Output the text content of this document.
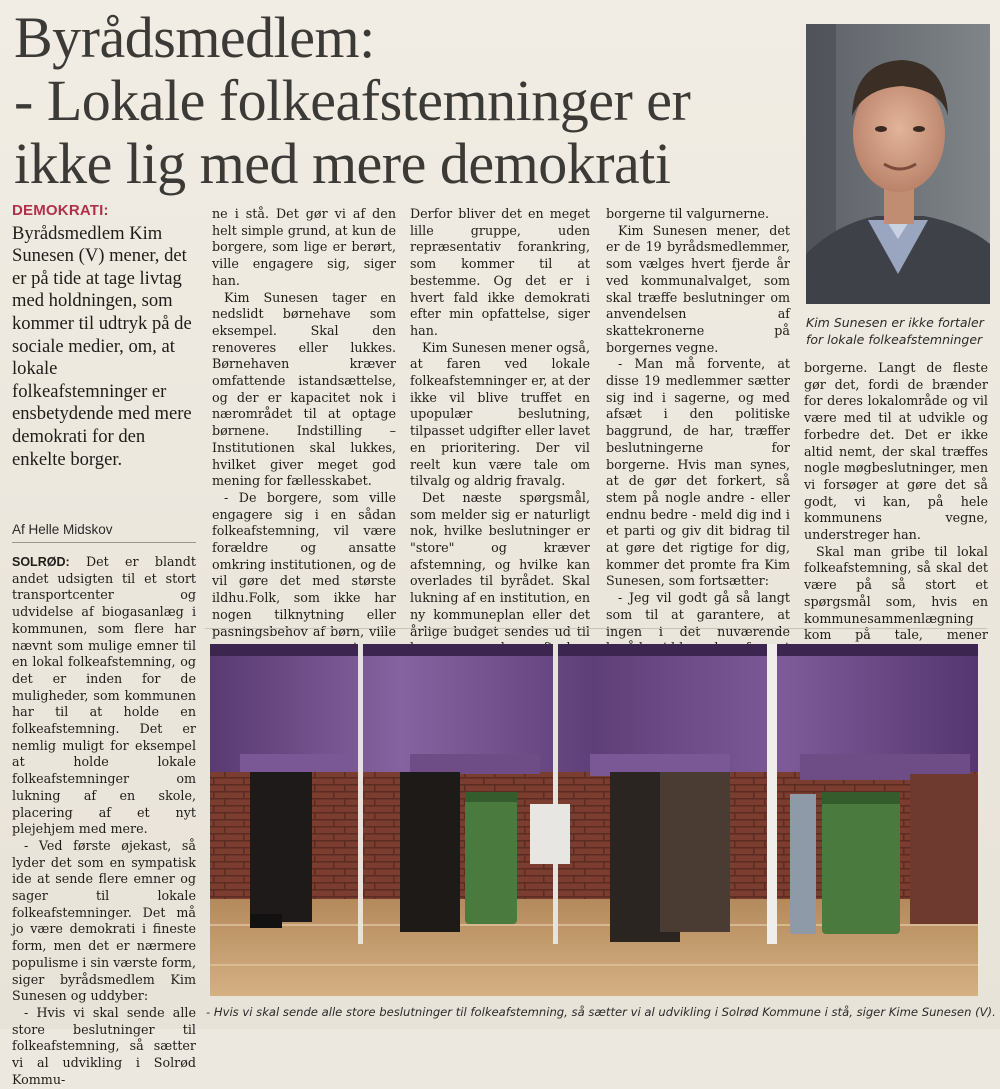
Byrådsmedlem:
- Lokale folkeafstemninger er
ikke lig med mere demokrati
Kim Sunesen er ikke fortaler for lokale folkeafstemninger
DEMOKRATI:
Byrådsmedlem Kim Sunesen (V) mener, det er på tide at tage livtag med holdningen, som kommer til udtryk på de sociale medier, om, at lokale folkeafstemninger er ensbetydende med mere demokrati for den enkelte borger.
Af Helle Midskov

SOLRØD: Det er blandt andet udsigten til et stort transportcenter og udvidelse af biogasanlæg i kommunen, som flere har nævnt som mulige emner til en lokal folkeafstemning, og det er inden for de muligheder, som kommunen har til at holde en folkeafstemning. Det er nemlig muligt for eksempel at holde lokale folkeafstemninger om lukning af en skole, placering af et nyt plejehjem med mere.

- Ved første øjekast, så lyder det som en sympatisk ide at sende flere emner og sager til lokale folkeafstemninger. Det må jo være demokrati i fineste form, men det er nærmere populisme i sin værste form, siger byrådsmedlem Kim Sunesen og uddyber:

- Hvis vi skal sende alle store beslutninger til folkeafstemning, så sætter vi al udvikling i Solrød Kommu-

ne i stå. Det gør vi af den helt simple grund, at kun de borgere, som lige er berørt, ville engagere sig, siger han.

Kim Sunesen tager en nedslidt børnehave som eksempel. Skal den renoveres eller lukkes. Børnehaven kræver omfattende istandsættelse, og der er kapacitet nok i nærområdet til at optage børnene. Indstilling – Institutionen skal lukkes, hvilket giver meget god mening for fællesskabet.

- De borgere, som ville engagere sig i en sådan folkeafstemning, vil være forældre og ansatte omkring institutionen, og de vil gøre det med største ildhu.Folk, som ikke har nogen tilknytning eller pasningsbehov af børn, ville

Derfor bliver det en meget lille gruppe, uden repræsentativ forankring, som kommer til at bestemme. Og det er i hvert fald ikke demokrati efter min opfattelse, siger han.

Kim Sunesen mener også, at faren ved lokale folkeafstemninger er, at der ikke vil blive truffet en upopulær beslutning, tilpasset udgifter eller lavet en prioritering. Der vil reelt kun være tale om tilvalg og aldrig fravalg.

Det næste spørgsmål, som melder sig er naturligt nok, hvilke beslutninger er "store" og kræver afstemning, og hvilke kan overlades til byrådet. Skal lukning af en institution, en ny kommuneplan eller det årlige budget sendes ud til

borgerne til valgurnerne.

Kim Sunesen mener, det er de 19 byrådsmedlemmer, som vælges hvert fjerde år ved kommunalvalget, som skal træffe beslutninger om anvendelsen af skattekronerne på borgernes vegne.

- Man må forvente, at disse 19 medlemmer sætter sig ind i sagerne, og med afsæt i den politiske baggrund, de har, træffer beslutningerne for borgerne. Hvis man synes, at de gør det forkert, så stem på nogle andre - eller endnu bedre - meld dig ind i et parti og giv dit bidrag til at gøre det rigtige for dig, kommer det promte fra Kim Sunesen, som fortsætter:

- Jeg vil godt gå så langt som til at garantere, at ingen i det nuværende

borgerne. Langt de fleste gør det, fordi de brænder for deres lokalområde og vil være med til at udvikle og forbedre det. Det er ikke altid nemt, der skal træffes nogle møgbeslutninger, men vi forsøger at gøre det så godt, vi kan, på hele kommunens vegne, understreger han.

Skal man gribe til lokal folkeafstemning, så skal det være på så stort et spørgsmål som, hvis en kommunesammenlægning kom på tale, mener

- Hvis vi skal sende alle store beslutninger til folkeafstemning, så sætter vi al udvikling i Solrød Kommune i stå, siger Kime Sunesen (V).
